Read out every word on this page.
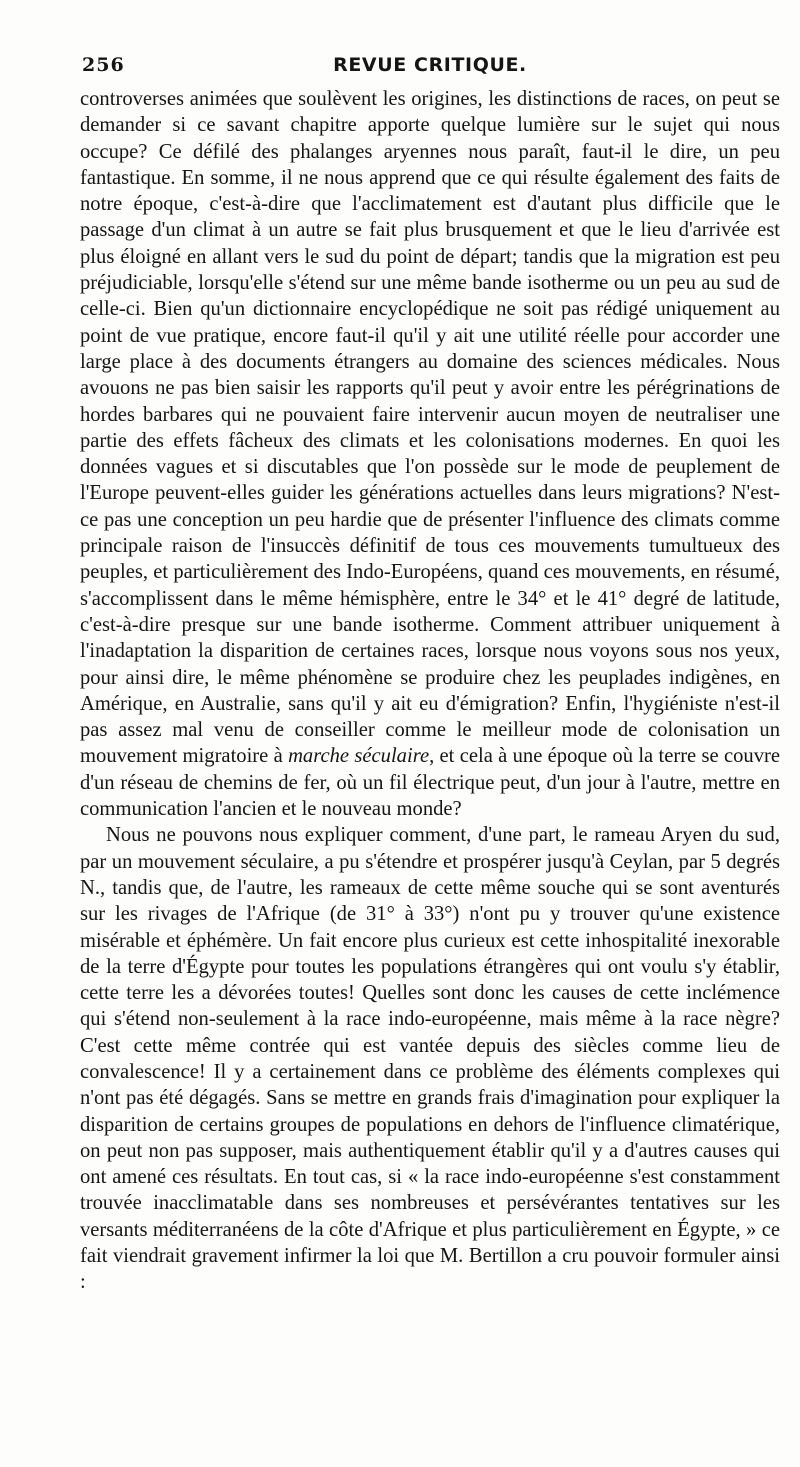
256	REVUE CRITIQUE.

controverses animées que soulèvent les origines, les distinctions de races, on peut se demander si ce savant chapitre apporte quelque lumière sur le sujet qui nous occupe? Ce défilé des phalanges aryennes nous paraît, faut-il le dire, un peu fantastique. En somme, il ne nous apprend que ce qui résulte également des faits de notre époque, c'est-à-dire que l'acclimatement est d'autant plus difficile que le passage d'un climat à un autre se fait plus brusquement et que le lieu d'arrivée est plus éloigné en allant vers le sud du point de départ; tandis que la migration est peu préjudiciable, lorsqu'elle s'étend sur une même bande isotherme ou un peu au sud de celle-ci. Bien qu'un dictionnaire encyclopédique ne soit pas rédigé uniquement au point de vue pratique, encore faut-il qu'il y ait une utilité réelle pour accorder une large place à des documents étrangers au domaine des sciences médicales. Nous avouons ne pas bien saisir les rapports qu'il peut y avoir entre les pérégrinations de hordes barbares qui ne pouvaient faire intervenir aucun moyen de neutraliser une partie des effets fâcheux des climats et les colonisations modernes. En quoi les données vagues et si discutables que l'on possède sur le mode de peuplement de l'Europe peuvent-elles guider les générations actuelles dans leurs migrations? N'est-ce pas une conception un peu hardie que de présenter l'influence des climats comme principale raison de l'insuccès définitif de tous ces mouvements tumultueux des peuples, et particulièrement des Indo-Européens, quand ces mouvements, en résumé, s'accomplissent dans le même hémisphère, entre le 34° et le 41° degré de latitude, c'est-à-dire presque sur une bande isotherme. Comment attribuer uniquement à l'inadaptation la disparition de certaines races, lorsque nous voyons sous nos yeux, pour ainsi dire, le même phénomène se produire chez les peuplades indigènes, en Amérique, en Australie, sans qu'il y ait eu d'émigration? Enfin, l'hygiéniste n'est-il pas assez mal venu de conseiller comme le meilleur mode de colonisation un mouvement migratoire à marche séculaire, et cela à une époque où la terre se couvre d'un réseau de chemins de fer, où un fil électrique peut, d'un jour à l'autre, mettre en communication l'ancien et le nouveau monde?

Nous ne pouvons nous expliquer comment, d'une part, le rameau Aryen du sud, par un mouvement séculaire, a pu s'étendre et prospérer jusqu'à Ceylan, par 5 degrés N., tandis que, de l'autre, les rameaux de cette même souche qui se sont aventurés sur les rivages de l'Afrique (de 31° à 33°) n'ont pu y trouver qu'une existence misérable et éphémère. Un fait encore plus curieux est cette inhospitalité inexorable de la terre d'Égypte pour toutes les populations étrangères qui ont voulu s'y établir, cette terre les a dévorées toutes! Quelles sont donc les causes de cette inclémence qui s'étend non-seulement à la race indo-européenne, mais même à la race nègre? C'est cette même contrée qui est vantée depuis des siècles comme lieu de convalescence! Il y a certainement dans ce problème des éléments complexes qui n'ont pas été dégagés. Sans se mettre en grands frais d'imagination pour expliquer la disparition de certains groupes de populations en dehors de l'influence climatérique, on peut non pas supposer, mais authentiquement établir qu'il y a d'autres causes qui ont amené ces résultats. En tout cas, si « la race indo-européenne s'est constamment trouvée inacclimatable dans ses nombreuses et persévérantes tentatives sur les versants méditerranéens de la côte d'Afrique et plus particulièrement en Égypte, » ce fait viendrait gravement infirmer la loi que M. Bertillon a cru pouvoir formuler ainsi :
